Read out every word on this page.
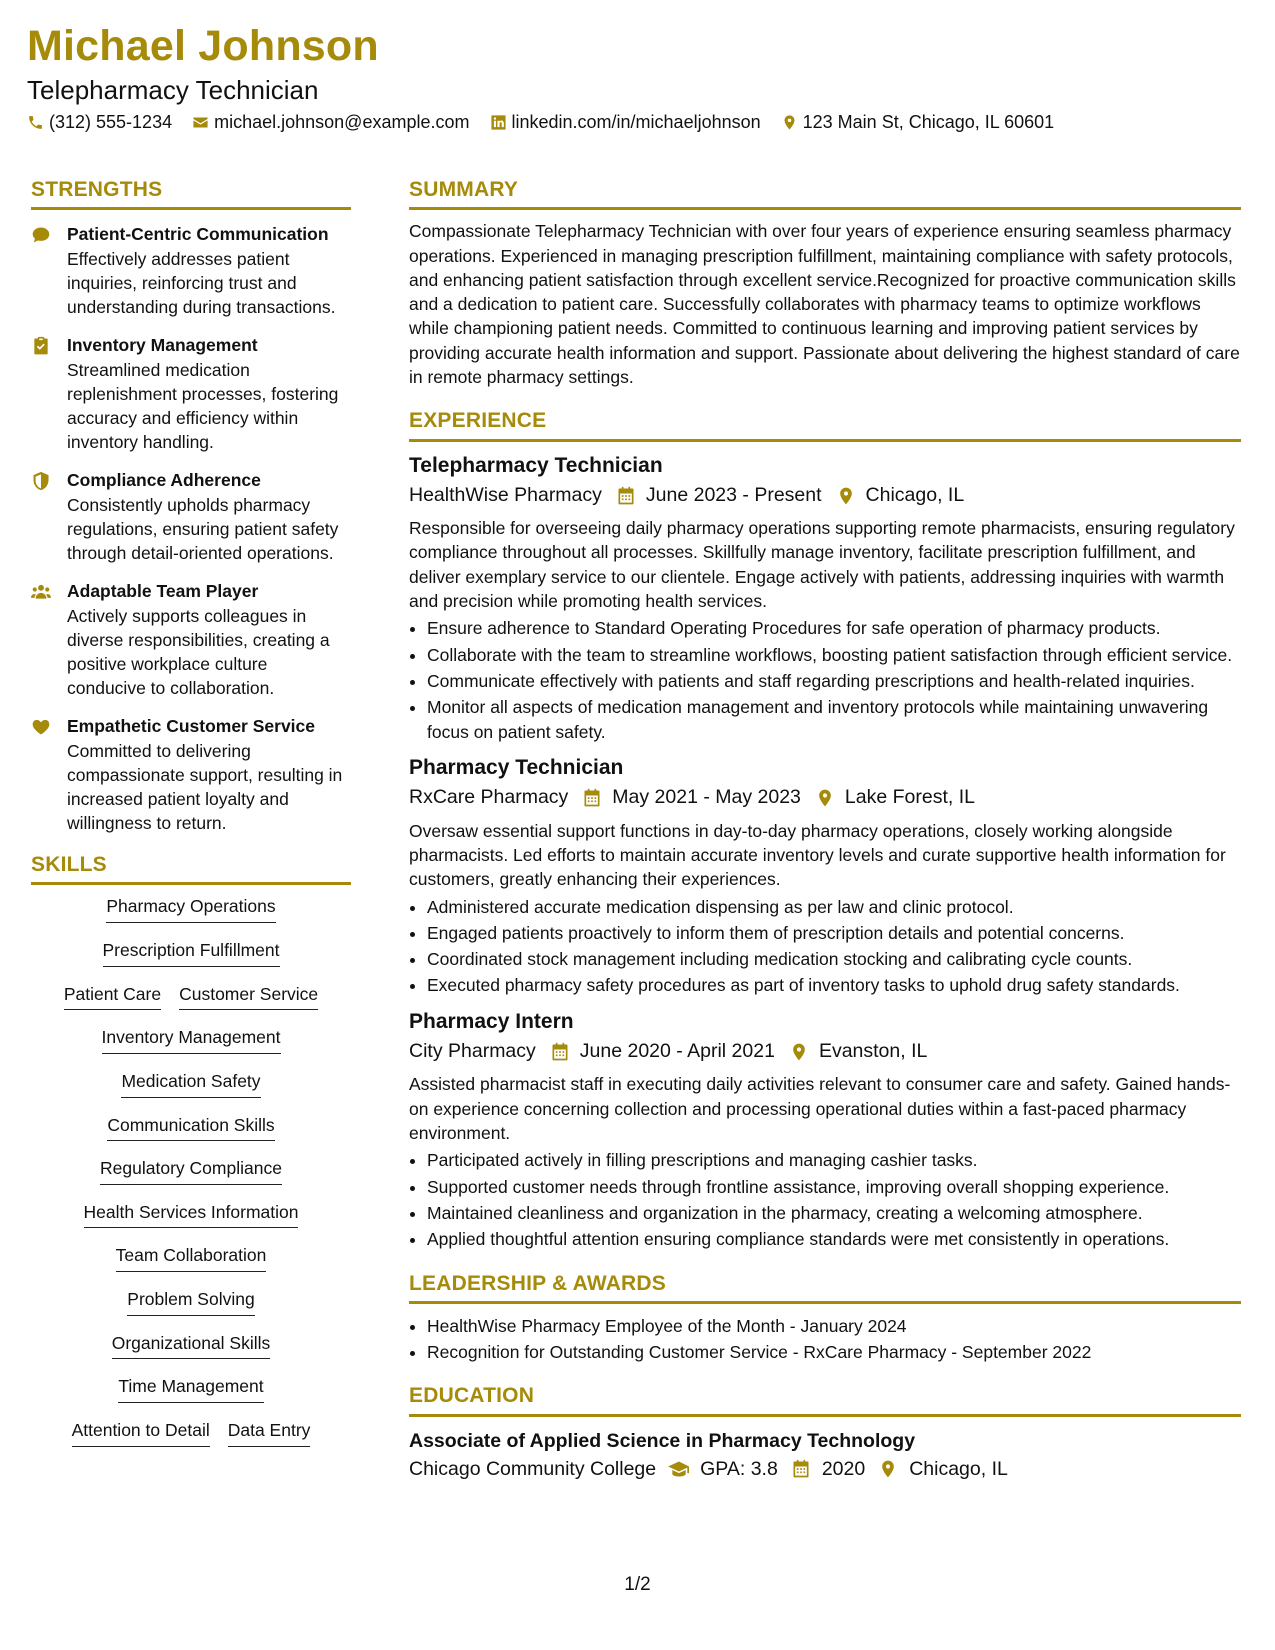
Michael Johnson
Telepharmacy Technician
(312) 555-1234 michael.johnson@example.com linkedin.com/in/michaeljohnson 123 Main St, Chicago, IL 60601
STRENGTHS
Patient-Centric Communication
Effectively addresses patient inquiries, reinforcing trust and understanding during transactions.
Inventory Management
Streamlined medication replenishment processes, fostering accuracy and efficiency within inventory handling.
Compliance Adherence
Consistently upholds pharmacy regulations, ensuring patient safety through detail-oriented operations.
Adaptable Team Player
Actively supports colleagues in diverse responsibilities, creating a positive workplace culture conducive to collaboration.
Empathetic Customer Service
Committed to delivering compassionate support, resulting in increased patient loyalty and willingness to return.
SKILLS
Pharmacy Operations
Prescription Fulfillment
Patient Care Customer Service
Inventory Management
Medication Safety
Communication Skills
Regulatory Compliance
Health Services Information
Team Collaboration
Problem Solving
Organizational Skills
Time Management
Attention to Detail Data Entry
SUMMARY

Compassionate Telepharmacy Technician with over four years of experience ensuring seamless pharmacy operations. Experienced in managing prescription fulfillment, maintaining compliance with safety protocols, and enhancing patient satisfaction through excellent service.Recognized for proactive communication skills and a dedication to patient care. Successfully collaborates with pharmacy teams to optimize workflows while championing patient needs. Committed to continuous learning and improving patient services by providing accurate health information and support. Passionate about delivering the highest standard of care in remote pharmacy settings.

EXPERIENCE
Telepharmacy Technician
HealthWise Pharmacy June 2023 - Present Chicago, IL

Responsible for overseeing daily pharmacy operations supporting remote pharmacists, ensuring regulatory compliance throughout all processes. Skillfully manage inventory, facilitate prescription fulfillment, and deliver exemplary service to our clientele. Engage actively with patients, addressing inquiries with warmth and precision while promoting health services.

• Ensure adherence to Standard Operating Procedures for safe operation of pharmacy products.
• Collaborate with the team to streamline workflows, boosting patient satisfaction through efficient service.
• Communicate effectively with patients and staff regarding prescriptions and health-related inquiries.
• Monitor all aspects of medication management and inventory protocols while maintaining unwavering focus on patient safety.
Pharmacy Technician
RxCare Pharmacy May 2021 - May 2023 Lake Forest, IL

Oversaw essential support functions in day-to-day pharmacy operations, closely working alongside pharmacists. Led efforts to maintain accurate inventory levels and curate supportive health information for customers, greatly enhancing their experiences.

• Administered accurate medication dispensing as per law and clinic protocol.
• Engaged patients proactively to inform them of prescription details and potential concerns.
• Coordinated stock management including medication stocking and calibrating cycle counts.
• Executed pharmacy safety procedures as part of inventory tasks to uphold drug safety standards.
Pharmacy Intern
City Pharmacy June 2020 - April 2021 Evanston, IL

Assisted pharmacist staff in executing daily activities relevant to consumer care and safety. Gained hands-on experience concerning collection and processing operational duties within a fast-paced pharmacy environment.

• Participated actively in filling prescriptions and managing cashier tasks.
• Supported customer needs through frontline assistance, improving overall shopping experience.
• Maintained cleanliness and organization in the pharmacy, creating a welcoming atmosphere.
• Applied thoughtful attention ensuring compliance standards were met consistently in operations.
LEADERSHIP & AWARDS
• HealthWise Pharmacy Employee of the Month - January 2024
• Recognition for Outstanding Customer Service - RxCare Pharmacy - September 2022
EDUCATION
Associate of Applied Science in Pharmacy Technology
Chicago Community College GPA: 3.8 2020 Chicago, IL
1/2
